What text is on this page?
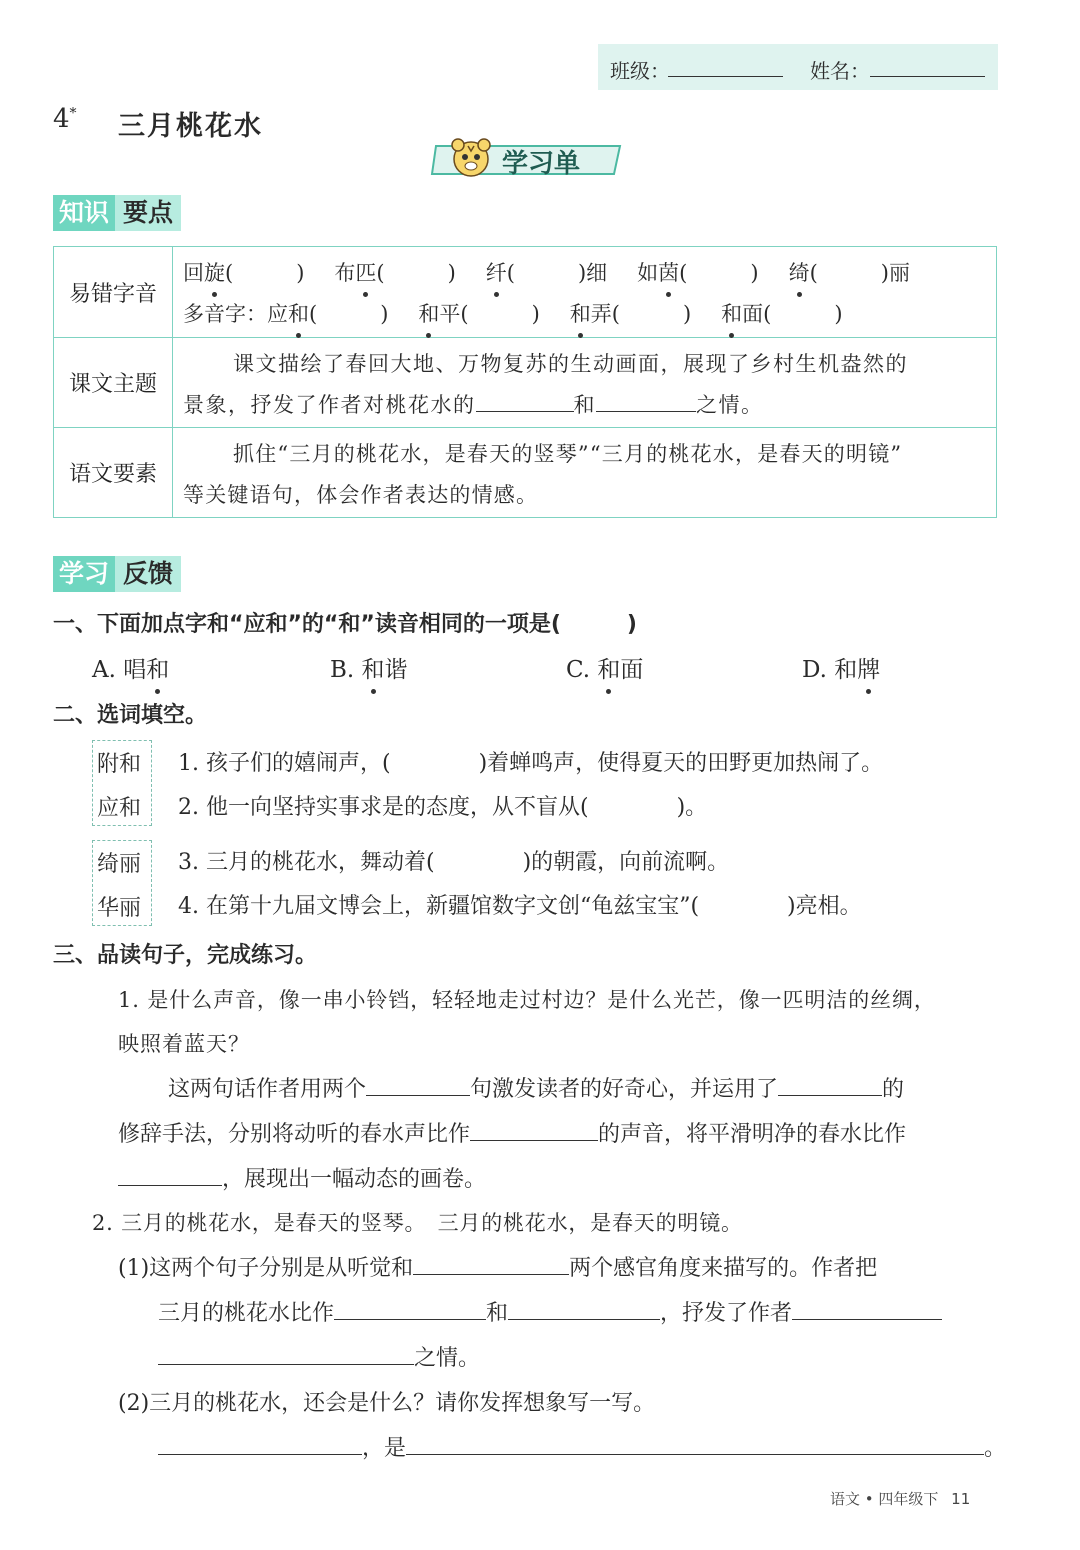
班级：	姓名：
4* 三月桃花水
学习单
知识 要点
易错字音	回旋(　　　) 布匹(　　　) 纤(　　　)细 如茵(　　　) 绮(　　　)丽
多音字：应和(　　　) 和平(　　　) 和弄(　　　) 和面(　　　)

课文主题	课文描绘了春回大地、万物复苏的生动画面，展现了乡村生机盎然的
景象，抒发了作者对桃花水的 和 之情。

语文要素	抓住“三月的桃花水，是春天的竖琴”“三月的桃花水，是春天的明镜”
等关键语句，体会作者表达的情感。
学习 反馈
一、下面加点字和“应和”的“和”读音相同的一项是(　　　)
A. 唱和	B. 和谐	C. 和面	D. 和牌
二、选词填空。
附和
应和
1. 孩子们的嬉闹声，(　　　　)着蝉鸣声，使得夏天的田野更加热闹了。
2. 他一向坚持实事求是的态度，从不盲从(　　　　)。
绮丽
华丽
3. 三月的桃花水，舞动着(　　　　)的朝霞，向前流啊。
4. 在第十九届文博会上，新疆馆数字文创“龟兹宝宝”(　　　　)亮相。
三、品读句子，完成练习。
1. 是什么声音，像一串小铃铛，轻轻地走过村边？是什么光芒，像一匹明洁的丝绸，
映照着蓝天？
这两句话作者用两个	句激发读者的好奇心，并运用了	的
修辞手法，分别将动听的春水声比作	的声音，将平滑明净的春水比作
，展现出一幅动态的画卷。
2. 三月的桃花水，是春天的竖琴。　三月的桃花水，是春天的明镜。
(1)这两个句子分别是从听觉和	两个感官角度来描写的。作者把
三月的桃花水比作	和	，抒发了作者
之情。
(2)三月的桃花水，还会是什么？请你发挥想象写一写。
，是	。
语文 • 四年级下 11
